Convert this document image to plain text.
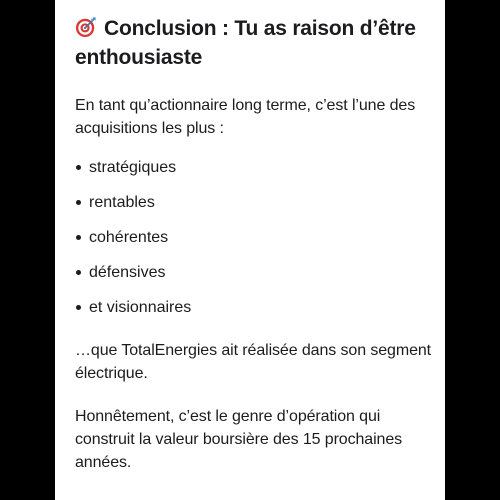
Conclusion : Tu as raison d’être enthousiaste

En tant qu’actionnaire long terme, c’est l’une des acquisitions les plus :

stratégiques
rentables
cohérentes
défensives
et visionnaires

…que TotalEnergies ait réalisée dans son segment électrique.

Honnêtement, c’est le genre d’opération qui construit la valeur boursière des 15 prochaines années.
